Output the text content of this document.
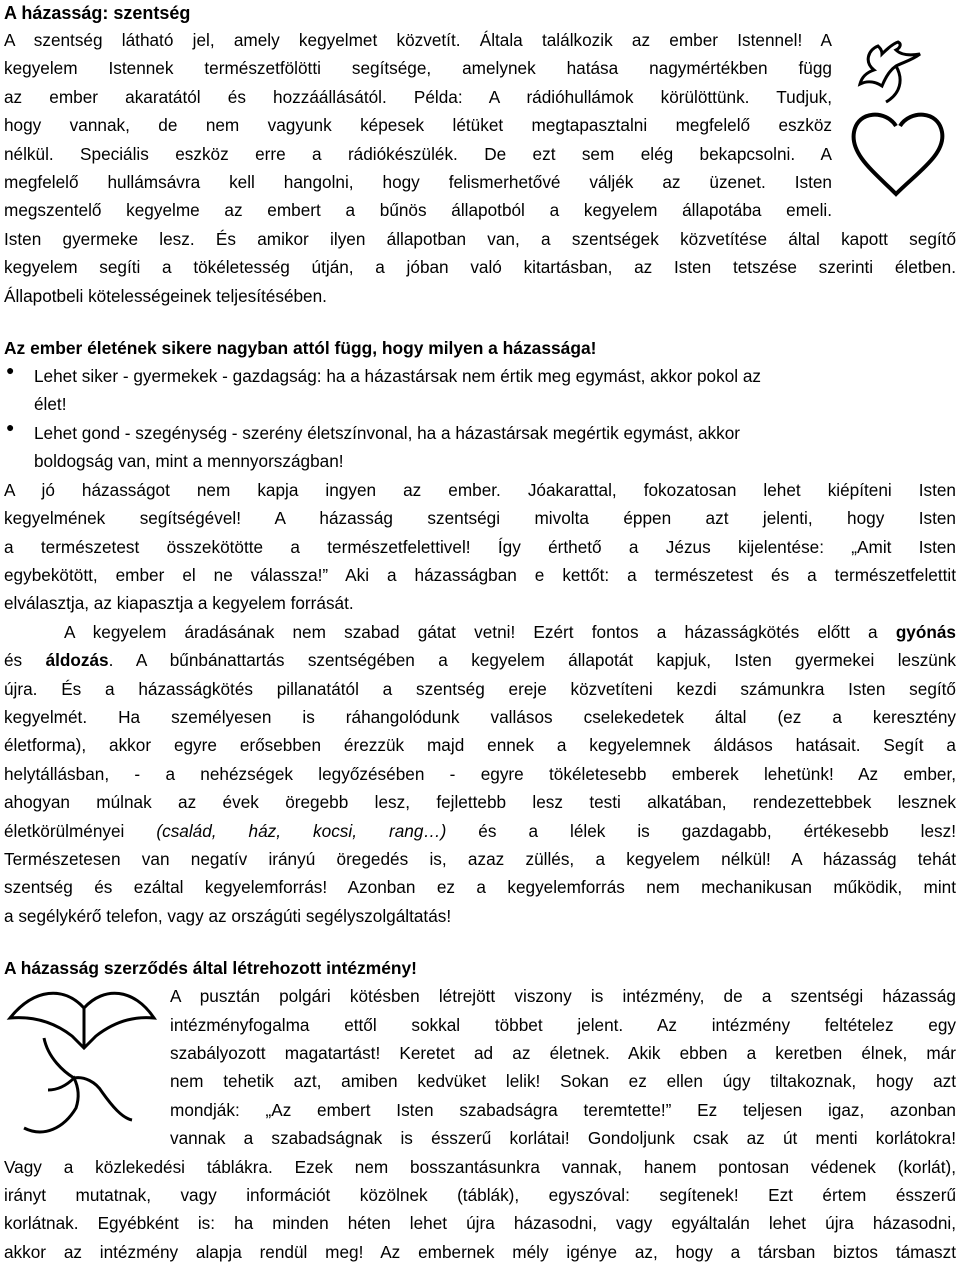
A házasság: szentség

A szentség látható jel, amely kegyelmet közvetít. Általa találkozik az ember Istennel! A

kegyelem Istennek természetfölötti segítsége, amelynek hatása nagymértékben függ

az ember akaratától és hozzáállásától. Példa: A rádióhullámok körülöttünk. Tudjuk,

hogy vannak, de nem vagyunk képesek létüket megtapasztalni megfelelő eszköz

nélkül. Speciális eszköz erre a rádiókészülék. De ezt sem elég bekapcsolni. A

megfelelő hullámsávra kell hangolni, hogy felismerhetővé váljék az üzenet. Isten

megszentelő kegyelme az embert a bűnös állapotból a kegyelem állapotába emeli.

Isten gyermeke lesz. És amikor ilyen állapotban van, a szentségek közvetítése által kapott segítő

kegyelem segíti a tökéletesség útján, a jóban való kitartásban, az Isten tetszése szerinti életben.

Állapotbeli kötelességeinek teljesítésében.

Az ember életének sikere nagyban attól függ, hogy milyen a házassága!

● Lehet siker - gyermekek - gazdagság: ha a házastársak nem értik meg egymást, akkor pokol az

élet!

● Lehet gond - szegénység - szerény életszínvonal, ha a házastársak megértik egymást, akkor

boldogság van, mint a mennyországban!

A jó házasságot nem kapja ingyen az ember. Jóakarattal, fokozatosan lehet kiépíteni Isten

kegyelmének segítségével! A házasság szentségi mivolta éppen azt jelenti, hogy Isten

a természetest összekötötte a természetfelettivel! Így érthető a Jézus kijelentése: „Amit Isten

egybekötött, ember el ne válassza!” Aki a házasságban e kettőt: a természetest és a természetfelettit

elválasztja, az kiapasztja a kegyelem forrását.

A kegyelem áradásának nem szabad gátat vetni! Ezért fontos a házasságkötés előtt a gyónás

és áldozás. A bűnbánattartás szentségében a kegyelem állapotát kapjuk, Isten gyermekei leszünk

újra. És a házasságkötés pillanatától a szentség ereje közvetíteni kezdi számunkra Isten segítő

kegyelmét. Ha személyesen is ráhangolódunk vallásos cselekedetek által (ez a keresztény

életforma), akkor egyre erősebben érezzük majd ennek a kegyelemnek áldásos hatásait. Segít a

helytállásban, - a nehézségek legyőzésében - egyre tökéletesebb emberek lehetünk! Az ember,

ahogyan múlnak az évek öregebb lesz, fejlettebb lesz testi alkatában, rendezettebbek lesznek

életkörülményei (család, ház, kocsi, rang…) és a lélek is gazdagabb, értékesebb lesz!

Természetesen van negatív irányú öregedés is, azaz züllés, a kegyelem nélkül! A házasság tehát

szentség és ezáltal kegyelemforrás! Azonban ez a kegyelemforrás nem mechanikusan működik, mint

a segélykérő telefon, vagy az országúti segélyszolgáltatás!

A házasság szerződés által létrehozott intézmény!

A pusztán polgári kötésben létrejött viszony is intézmény, de a szentségi házasság

intézményfogalma ettől sokkal többet jelent. Az intézmény feltételez egy

szabályozott magatartást! Keretet ad az életnek. Akik ebben a keretben élnek, már

nem tehetik azt, amiben kedvüket lelik! Sokan ez ellen úgy tiltakoznak, hogy azt

mondják: „Az embert Isten szabadságra teremtette!” Ez teljesen igaz, azonban

vannak a szabadságnak is ésszerű korlátai! Gondoljunk csak az út menti korlátokra!

Vagy a közlekedési táblákra. Ezek nem bosszantásunkra vannak, hanem pontosan védenek (korlát),

irányt mutatnak, vagy információt közölnek (táblák), egyszóval: segítenek! Ezt értem ésszerű

korlátnak. Egyébként is: ha minden héten lehet újra házasodni, vagy egyáltalán lehet újra házasodni,

akkor az intézmény alapja rendül meg! Az embernek mély igénye az, hogy a társban biztos támaszt
